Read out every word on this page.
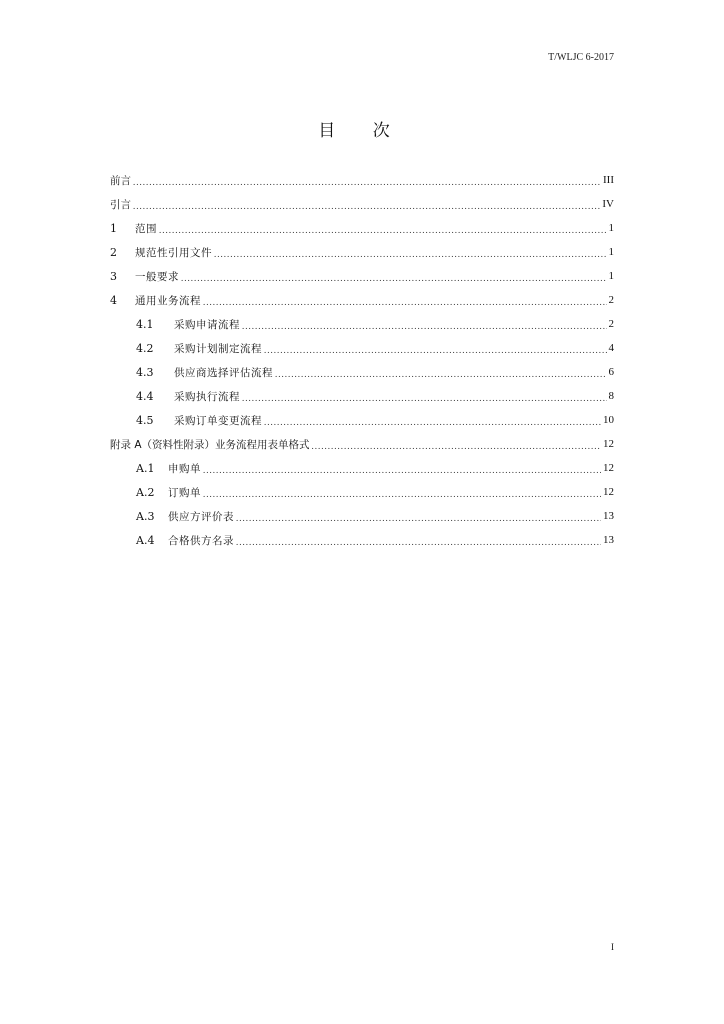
T/WLJC 6-2017
目 次
前言 .....	III
引言 .....	IV
1	范围 .....	1
2	规范性引用文件 .....	1
3	一般要求 .....	1
4	通用业务流程 .....	2
4.1	采购申请流程 .....	2
4.2	采购计划制定流程 .....	4
4.3	供应商选择评估流程 .....	6
4.4	采购执行流程 .....	8
4.5	采购订单变更流程 .....	10
附录 A（资料性附录）业务流程用表单格式 .....	12
A.1	申购单 .....	12
A.2	订购单 .....	12
A.3	供应方评价表 .....	13
A.4	合格供方名录 .....	13
I
